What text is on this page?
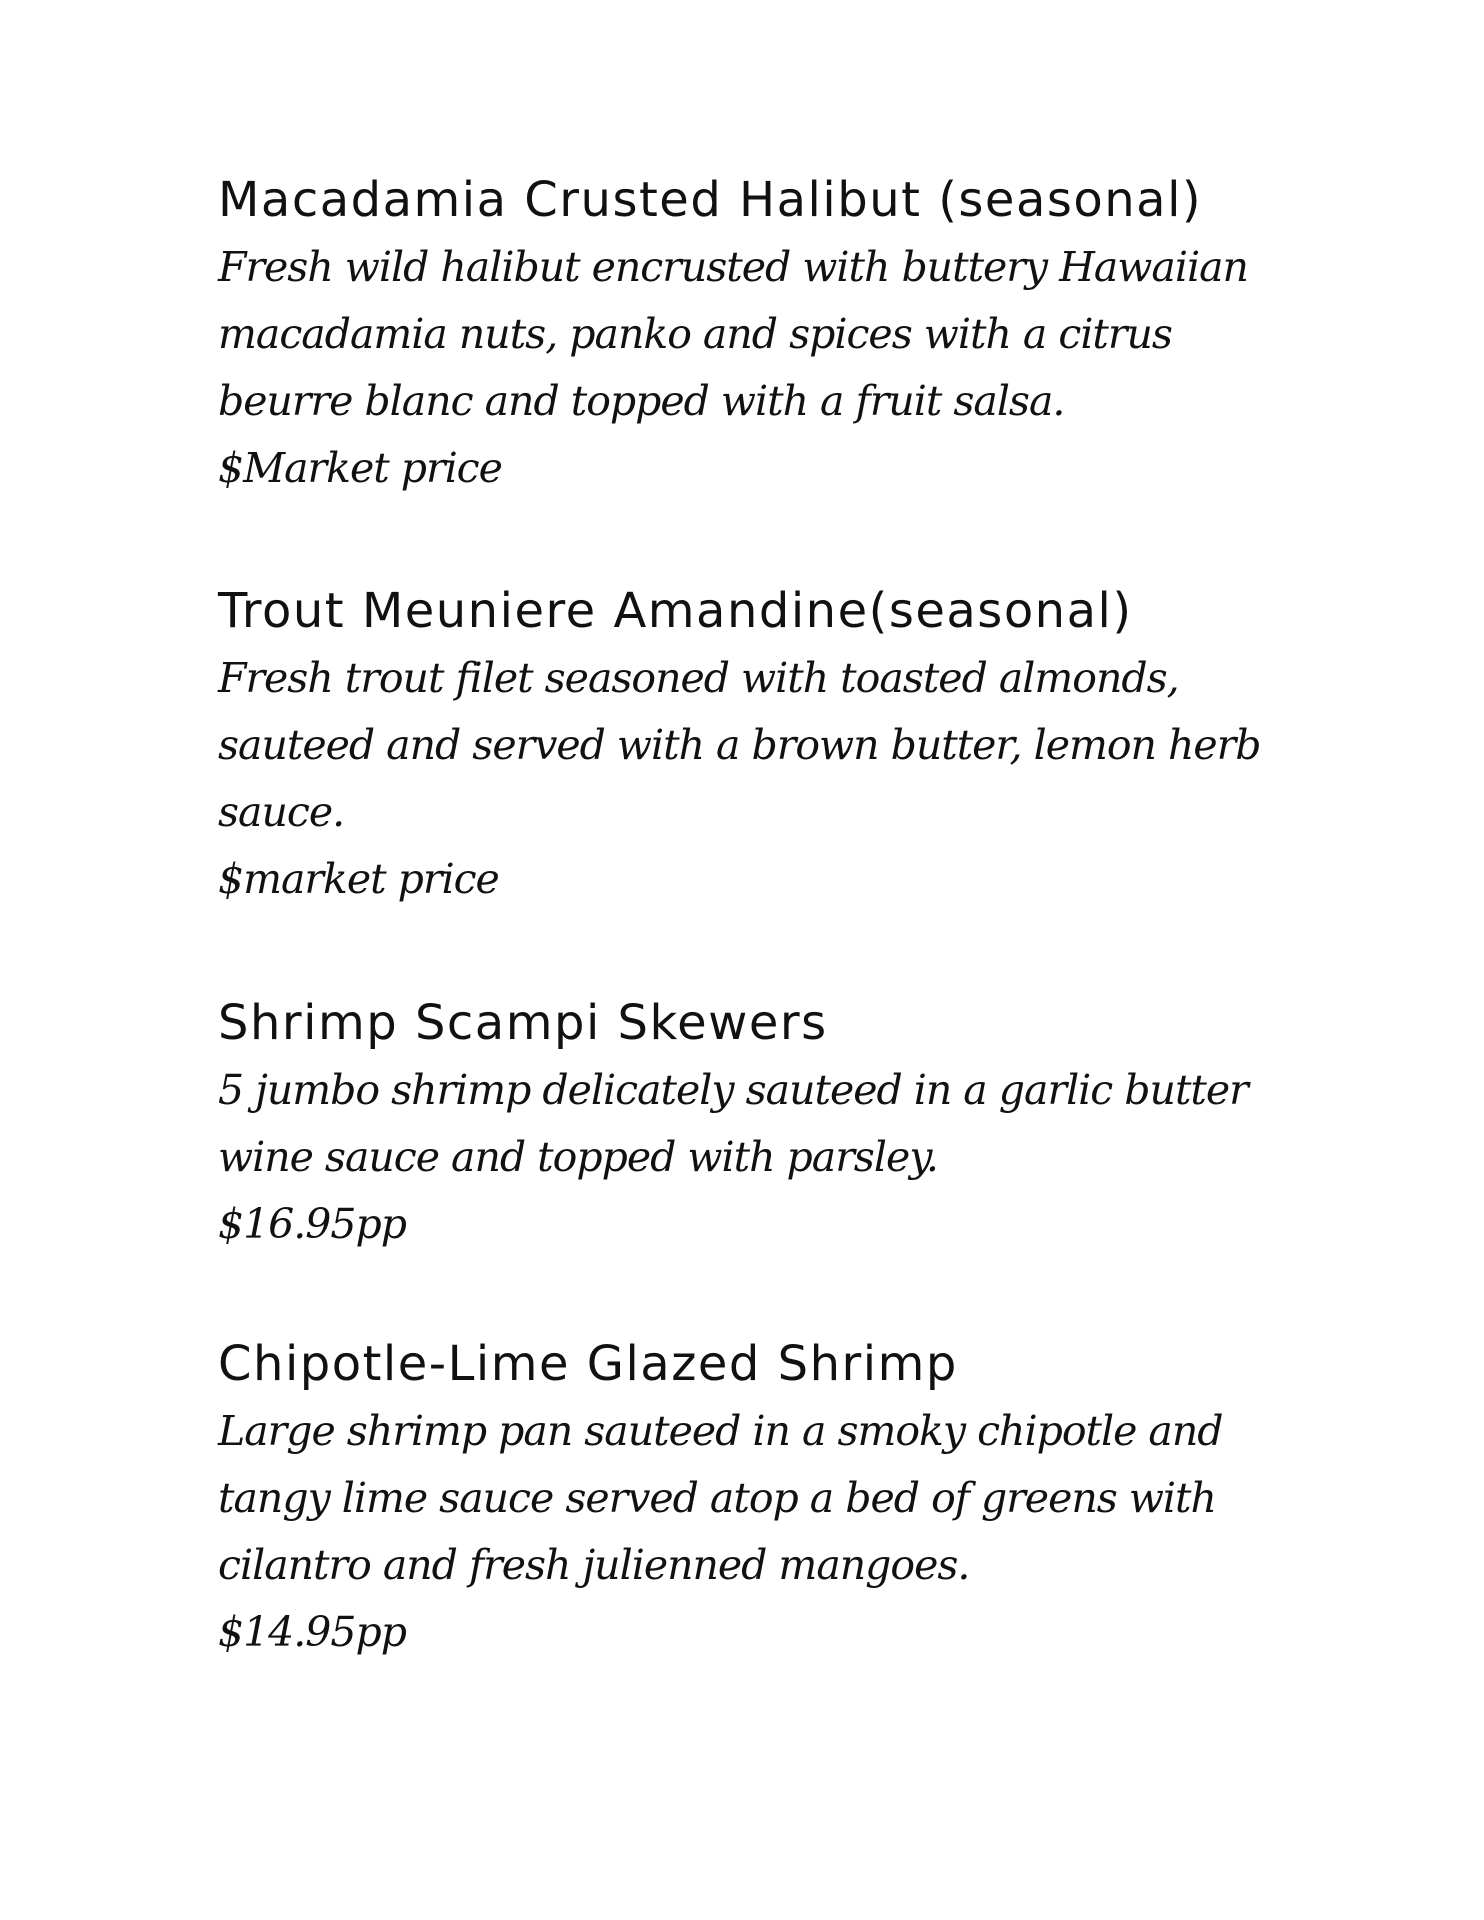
Macadamia Crusted Halibut (seasonal)

Fresh wild halibut encrusted with buttery Hawaiian

macadamia nuts, panko and spices with a citrus

beurre blanc and topped with a fruit salsa.

$Market price

Trout Meuniere Amandine(seasonal)

Fresh trout filet seasoned with toasted almonds,

sauteed and served with a brown butter, lemon herb

sauce.

$market price

Shrimp Scampi Skewers

5 jumbo shrimp delicately sauteed in a garlic butter

wine sauce and topped with parsley.

$16.95pp

Chipotle-Lime Glazed Shrimp

Large shrimp pan sauteed in a smoky chipotle and

tangy lime sauce served atop a bed of greens with

cilantro and fresh julienned mangoes.

$14.95pp
